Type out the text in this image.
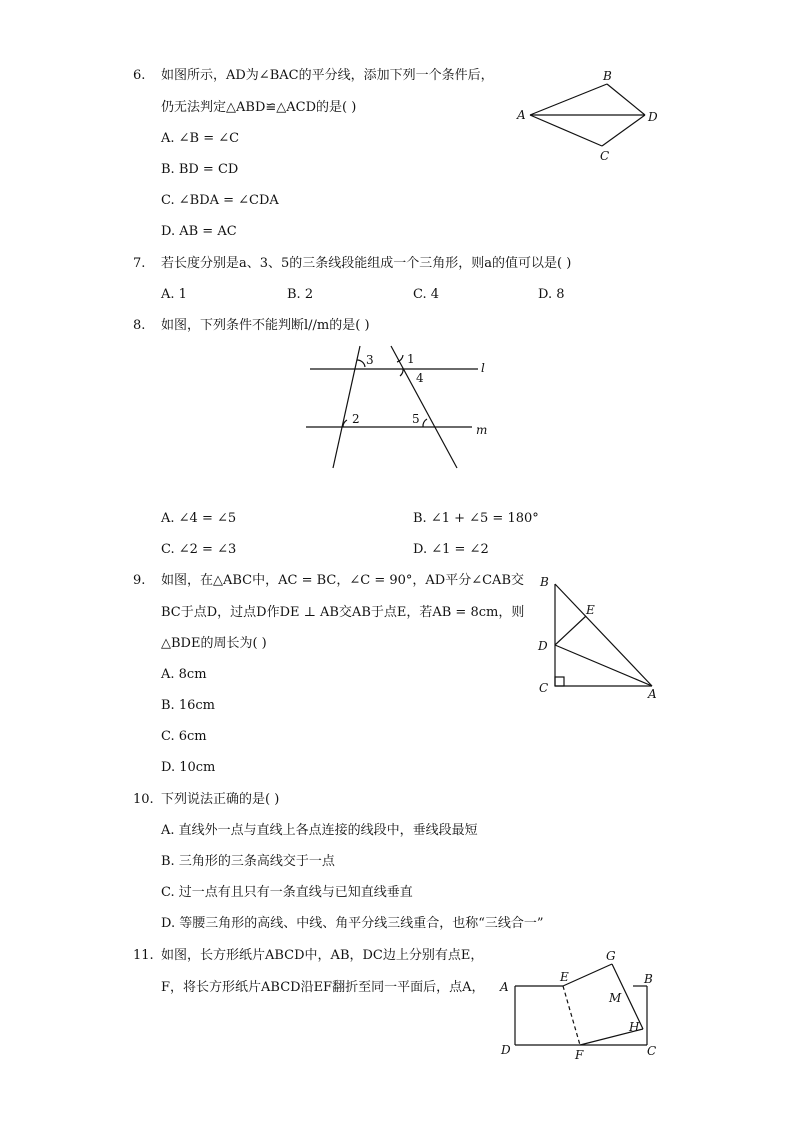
6. 如图所示，AD为∠BAC的平分线，添加下列一个条件后，
仍无法判定△ABD≌△ACD的是( )
A. ∠B = ∠C
B. BD = CD
C. ∠BDA = ∠CDA
D. AB = AC
A
B
C
D
7. 若长度分别是a、3、5的三条线段能组成一个三角形，则a的值可以是( )
A. 1	B. 2	C. 4	D. 8
8. 如图，下列条件不能判断l//m的是( )
3	1
4
2	5
l
m
A. ∠4 = ∠5	B. ∠1 + ∠5 = 180°
C. ∠2 = ∠3	D. ∠1 = ∠2
9. 如图，在△ABC中，AC = BC，∠C = 90°，AD平分∠CAB交
BC于点D，过点D作DE ⊥ AB交AB于点E，若AB = 8cm，则
△BDE的周长为( )
A. 8cm
B. 16cm
C. 6cm
D. 10cm
B
E
D
C	A
10. 下列说法正确的是( )
A. 直线外一点与直线上各点连接的线段中，垂线段最短
B. 三角形的三条高线交于一点
C. 过一点有且只有一条直线与已知直线垂直
D. 等腰三角形的高线、中线、角平分线三线重合，也称“三线合一”
11. 如图，长方形纸片ABCD中，AB，DC边上分别有点E，
F，将长方形纸片ABCD沿EF翻折至同一平面后，点A， A
E
G
B
M
H
D	F	C
